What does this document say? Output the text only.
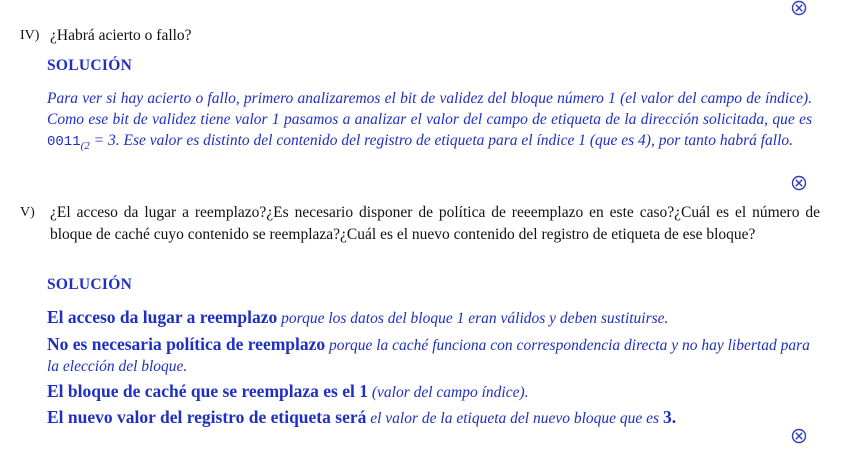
IV) ¿Habrá acierto o fallo?
SOLUCIÓN
Para ver si hay acierto o fallo, primero analizaremos el bit de validez del bloque número 1 (el valor del campo de índice). Como ese bit de validez tiene valor 1 pasamos a analizar el valor del campo de etiqueta de la dirección solicitada, que es $0011_{(2} = 3$. Ese valor es distinto del contenido del registro de etiqueta para el índice 1 (que es 4), por tanto habrá fallo.
V) ¿El acceso da lugar a reemplazo?¿Es necesario disponer de política de reeemplazo en este caso?¿Cuál es el número de bloque de caché cuyo contenido se reemplaza?¿Cuál es el nuevo contenido del registro de etiqueta de ese bloque?
SOLUCIÓN
El acceso da lugar a reemplazo porque los datos del bloque 1 eran válidos y deben sustituirse.
No es necesaria política de reemplazo porque la caché funciona con correspondencia directa y no hay libertad para la elección del bloque.
El bloque de caché que se reemplaza es el 1 (valor del campo índice).
El nuevo valor del registro de etiqueta será el valor de la etiqueta del nuevo bloque que es 3.
